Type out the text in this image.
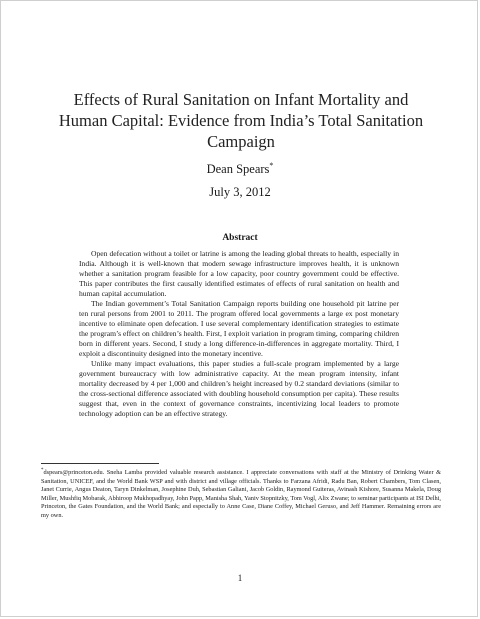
Effects of Rural Sanitation on Infant Mortality and
Human Capital: Evidence from India’s Total Sanitation
Campaign
Dean Spears*
July 3, 2012
Abstract

Open defecation without a toilet or latrine is among the leading global threats to health, especially in India. Although it is well-known that modern sewage infrastructure improves health, it is unknown whether a sanitation program feasible for a low capacity, poor country government could be effective. This paper contributes the first causally identified estimates of effects of rural sanitation on health and human capital accumulation.

The Indian government’s Total Sanitation Campaign reports building one household pit latrine per ten rural persons from 2001 to 2011. The program offered local governments a large ex post monetary incentive to eliminate open defecation. I use several complementary identification strategies to estimate the program’s effect on children’s health. First, I exploit variation in program timing, comparing children born in different years. Second, I study a long difference-in-differences in aggregate mortality. Third, I exploit a discontinuity designed into the monetary incentive.

Unlike many impact evaluations, this paper studies a full-scale program implemented by a large government bureaucracy with low administrative capacity. At the mean program intensity, infant mortality decreased by 4 per 1,000 and children’s height increased by 0.2 standard deviations (similar to the cross-sectional difference associated with doubling household consumption per capita). These results suggest that, even in the context of governance constraints, incentivizing local leaders to promote technology adoption can be an effective strategy.

*dspears@princeton.edu. Sneha Lamba provided valuable research assistance. I appreciate conversations with staff at the Ministry of Drinking Water & Sanitation, UNICEF, and the World Bank WSP and with district and village officials. Thanks to Farzana Afridi, Radu Ban, Robert Chambers, Tom Clasen, Janet Currie, Angus Deaton, Taryn Dinkelman, Josephine Duh, Sebastian Galiani, Jacob Goldin, Raymond Guiteras, Avinash Kishore, Susanna Makela, Doug Miller, Mushfiq Mobarak, Abhiroop Mukhopadhyay, John Papp, Manisha Shah, Yaniv Stopnitzky, Tom Vogl, Alix Zwane; to seminar participants at ISI Delhi, Princeton, the Gates Foundation, and the World Bank; and especially to Anne Case, Diane Coffey, Michael Geruso, and Jeff Hammer. Remaining errors are my own.
1
